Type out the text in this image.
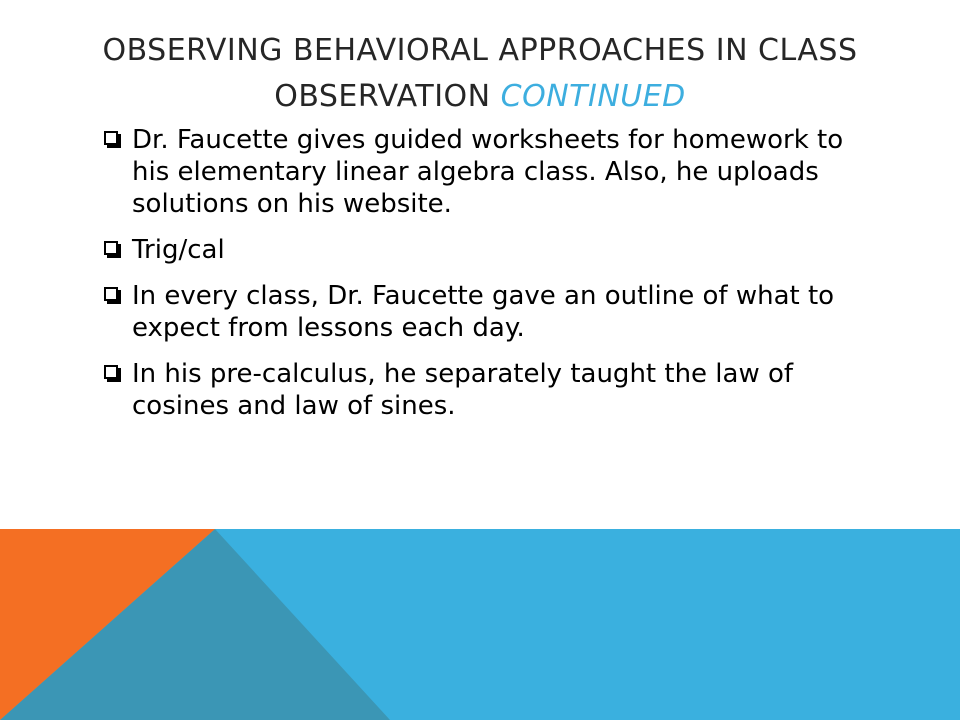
OBSERVING BEHAVIORAL APPROACHES IN CLASS OBSERVATION CONTINUED
Dr. Faucette gives guided worksheets for homework to his elementary linear algebra class. Also, he uploads solutions on his website.
Trig/cal
In every class, Dr. Faucette gave an outline of what to expect from lessons each day.
In his pre-calculus, he separately taught the law of cosines and law of sines.
